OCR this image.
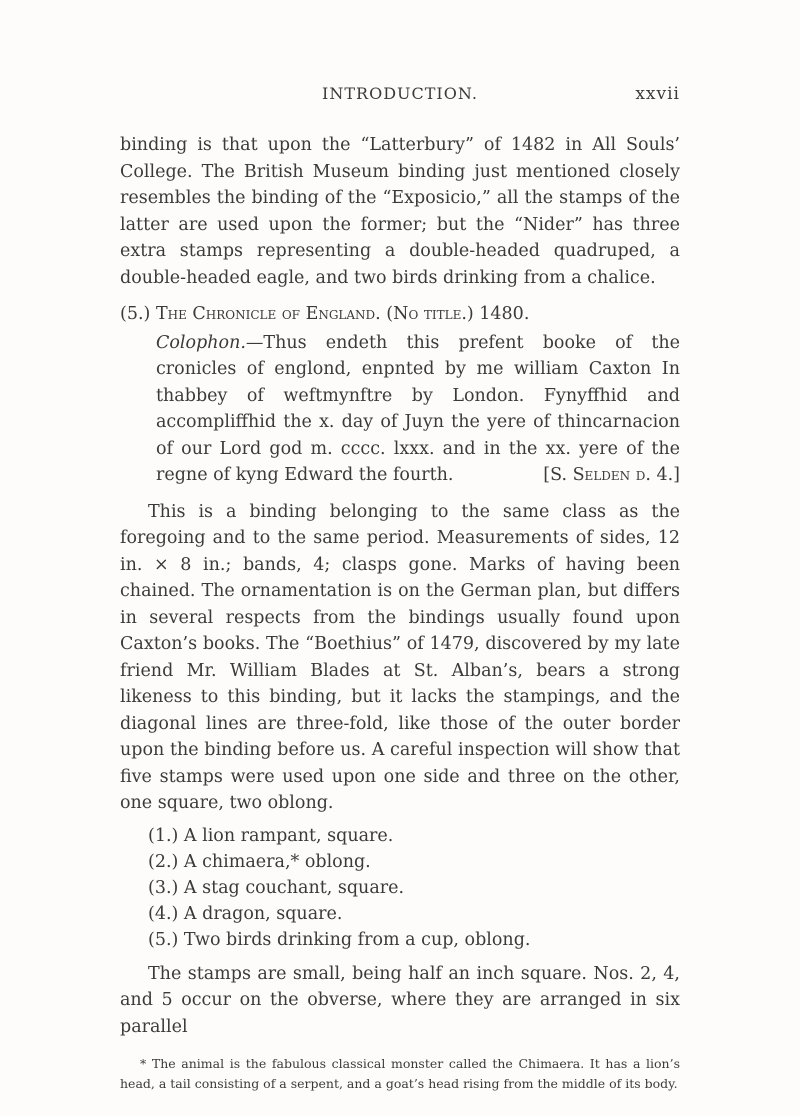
INTRODUCTION.	xxvii

binding is that upon the “Latterbury” of 1482 in All Souls’ College. The British Museum binding just mentioned closely resembles the binding of the “Exposicio,” all the stamps of the latter are used upon the former; but the “Nider” has three extra stamps representing a double-headed quadruped, a double-headed eagle, and two birds drinking from a chalice.

(5.) The Chronicle of England. (No title.) 1480.

Colophon.—Thus endeth this prefent booke of the cronicles of englond, enpnted by me william Caxton In thabbey of weftmynftre by London. Fynyffhid and accompliffhid the x. day of Juyn the yere of thincarnacion of our Lord god m. cccc. lxxx. and in the xx. yere of the regne of kyng Edward the fourth.	[S. Selden d. 4.]

This is a binding belonging to the same class as the foregoing and to the same period. Measurements of sides, 12 in. × 8 in.; bands, 4; clasps gone. Marks of having been chained. The ornamentation is on the German plan, but differs in several respects from the bindings usually found upon Caxton’s books. The “Boethius” of 1479, discovered by my late friend Mr. William Blades at St. Alban’s, bears a strong likeness to this binding, but it lacks the stampings, and the diagonal lines are three-fold, like those of the outer border upon the binding before us. A careful inspection will show that five stamps were used upon one side and three on the other, one square, two oblong.

(1.) A lion rampant, square.
(2.) A chimaera,* oblong.
(3.) A stag couchant, square.
(4.) A dragon, square.
(5.) Two birds drinking from a cup, oblong.

The stamps are small, being half an inch square. Nos. 2, 4, and 5 occur on the obverse, where they are arranged in six parallel

* The animal is the fabulous classical monster called the Chimaera. It has a lion’s head, a tail consisting of a serpent, and a goat’s head rising from the middle of its body.
